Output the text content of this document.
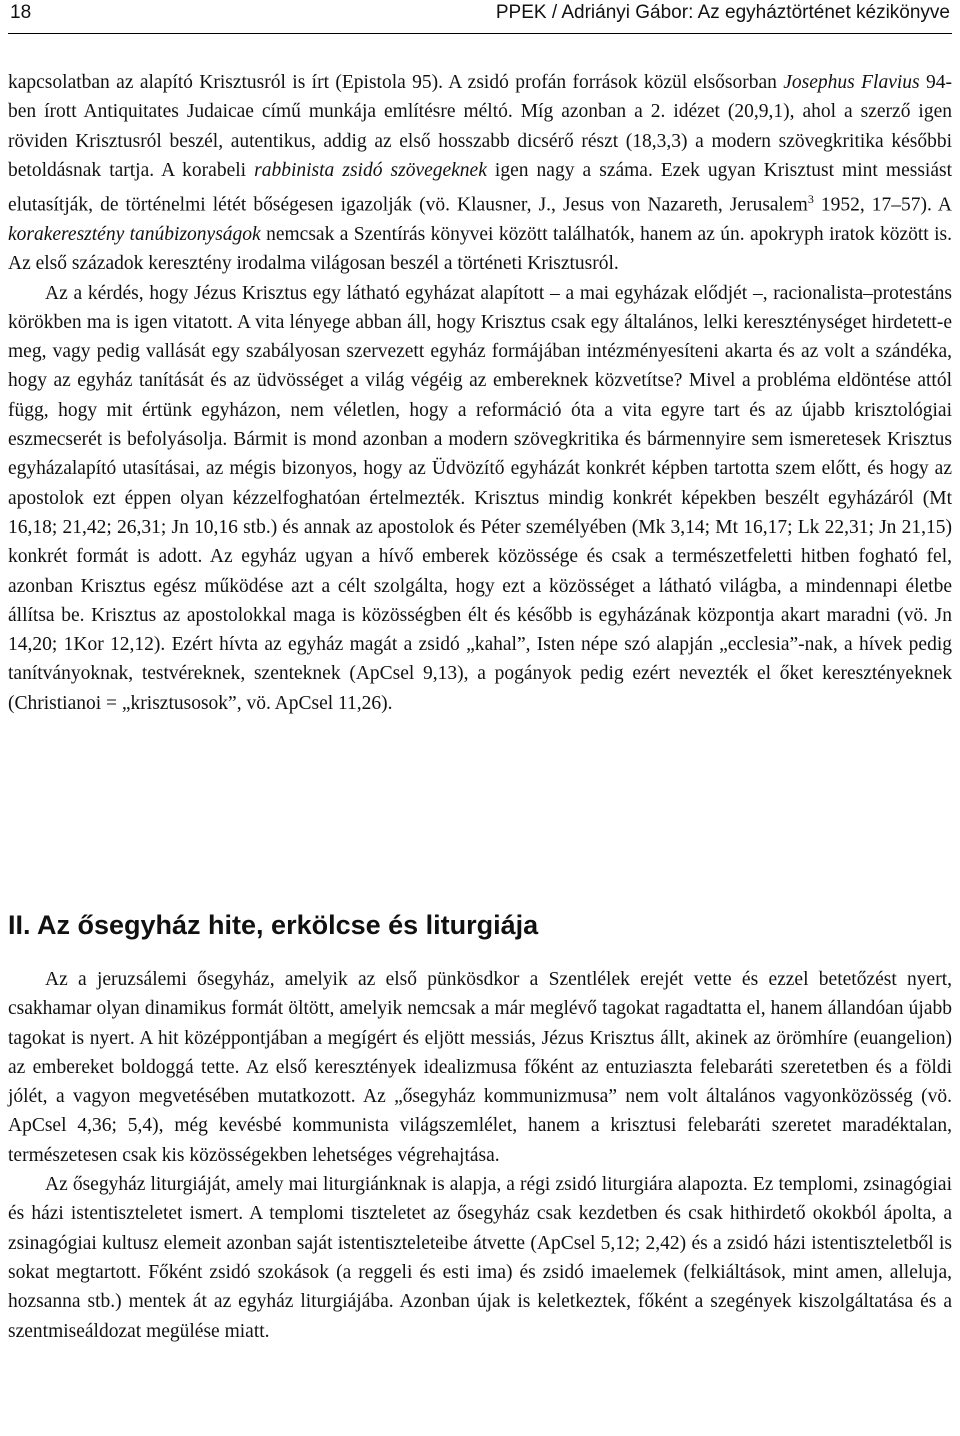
18	PPEK / Adriányi Gábor: Az egyháztörténet kézikönyve

kapcsolatban az alapító Krisztusról is írt (Epistola 95). A zsidó profán források közül elsősorban Josephus Flavius 94-ben írott Antiquitates Judaicae című munkája említésre méltó. Míg azonban a 2. idézet (20,9,1), ahol a szerző igen röviden Krisztusról beszél, autentikus, addig az első hosszabb dicsérő részt (18,3,3) a modern szövegkritika későbbi betoldásnak tartja. A korabeli rabbinista zsidó szövegeknek igen nagy a száma. Ezek ugyan Krisztust mint messiást elutasítják, de történelmi létét bőségesen igazolják (vö. Klausner, J., Jesus von Nazareth, Jerusalem$^3$ 1952, 17–57). A korakeresztény tanúbizonyságok nemcsak a Szentírás könyvei között találhatók, hanem az ún. apokryph iratok között is. Az első századok keresztény irodalma világosan beszél a történeti Krisztusról.

Az a kérdés, hogy Jézus Krisztus egy látható egyházat alapított – a mai egyházak elődjét –, racionalista–protestáns körökben ma is igen vitatott. A vita lényege abban áll, hogy Krisztus csak egy általános, lelki kereszténységet hirdetett-e meg, vagy pedig vallását egy szabályosan szervezett egyház formájában intézményesíteni akarta és az volt a szándéka, hogy az egyház tanítását és az üdvösséget a világ végéig az embereknek közvetítse? Mivel a probléma eldöntése attól függ, hogy mit értünk egyházon, nem véletlen, hogy a reformáció óta a vita egyre tart és az újabb krisztológiai eszmecserét is befolyásolja. Bármit is mond azonban a modern szövegkritika és bármennyire sem ismeretesek Krisztus egyházalapító utasításai, az mégis bizonyos, hogy az Üdvözítő egyházát konkrét képben tartotta szem előtt, és hogy az apostolok ezt éppen olyan kézzelfoghatóan értelmezték. Krisztus mindig konkrét képekben beszélt egyházáról (Mt 16,18; 21,42; 26,31; Jn 10,16 stb.) és annak az apostolok és Péter személyében (Mk 3,14; Mt 16,17; Lk 22,31; Jn 21,15) konkrét formát is adott. Az egyház ugyan a hívő emberek közössége és csak a természetfeletti hitben fogható fel, azonban Krisztus egész működése azt a célt szolgálta, hogy ezt a közösséget a látható világba, a mindennapi életbe állítsa be. Krisztus az apostolokkal maga is közösségben élt és később is egyházának központja akart maradni (vö. Jn 14,20; 1Kor 12,12). Ezért hívta az egyház magát a zsidó „kahal”, Isten népe szó alapján „ecclesia”-nak, a hívek pedig tanítványoknak, testvéreknek, szenteknek (ApCsel 9,13), a pogányok pedig ezért nevezték el őket keresztényeknek (Christianoi = „krisztusosok”, vö. ApCsel 11,26).

II. Az ősegyház hite, erkölcse és liturgiája

Az a jeruzsálemi ősegyház, amelyik az első pünkösdkor a Szentlélek erejét vette és ezzel betetőzést nyert, csakhamar olyan dinamikus formát öltött, amelyik nemcsak a már meglévő tagokat ragadtatta el, hanem állandóan újabb tagokat is nyert. A hit középpontjában a megígért és eljött messiás, Jézus Krisztus állt, akinek az örömhíre (euangelion) az embereket boldoggá tette. Az első keresztények idealizmusa főként az entuziaszta felebaráti szeretetben és a földi jólét, a vagyon megvetésében mutatkozott. Az „ősegyház kommunizmusa” nem volt általános vagyonközösség (vö. ApCsel 4,36; 5,4), még kevésbé kommunista világszemlélet, hanem a krisztusi felebaráti szeretet maradéktalan, természetesen csak kis közösségekben lehetséges végrehajtása.

Az ősegyház liturgiáját, amely mai liturgiánknak is alapja, a régi zsidó liturgiára alapozta. Ez templomi, zsinagógiai és házi istentiszteletet ismert. A templomi tiszteletet az ősegyház csak kezdetben és csak hithirdető okokból ápolta, a zsinagógiai kultusz elemeit azonban saját istentiszteleteibe átvette (ApCsel 5,12; 2,42) és a zsidó házi istentiszteletből is sokat megtartott. Főként zsidó szokások (a reggeli és esti ima) és zsidó imaelemek (felkiáltások, mint amen, alleluja, hozsanna stb.) mentek át az egyház liturgiájába. Azonban újak is keletkeztek, főként a szegények kiszolgáltatása és a szentmiseáldozat megülése miatt.
